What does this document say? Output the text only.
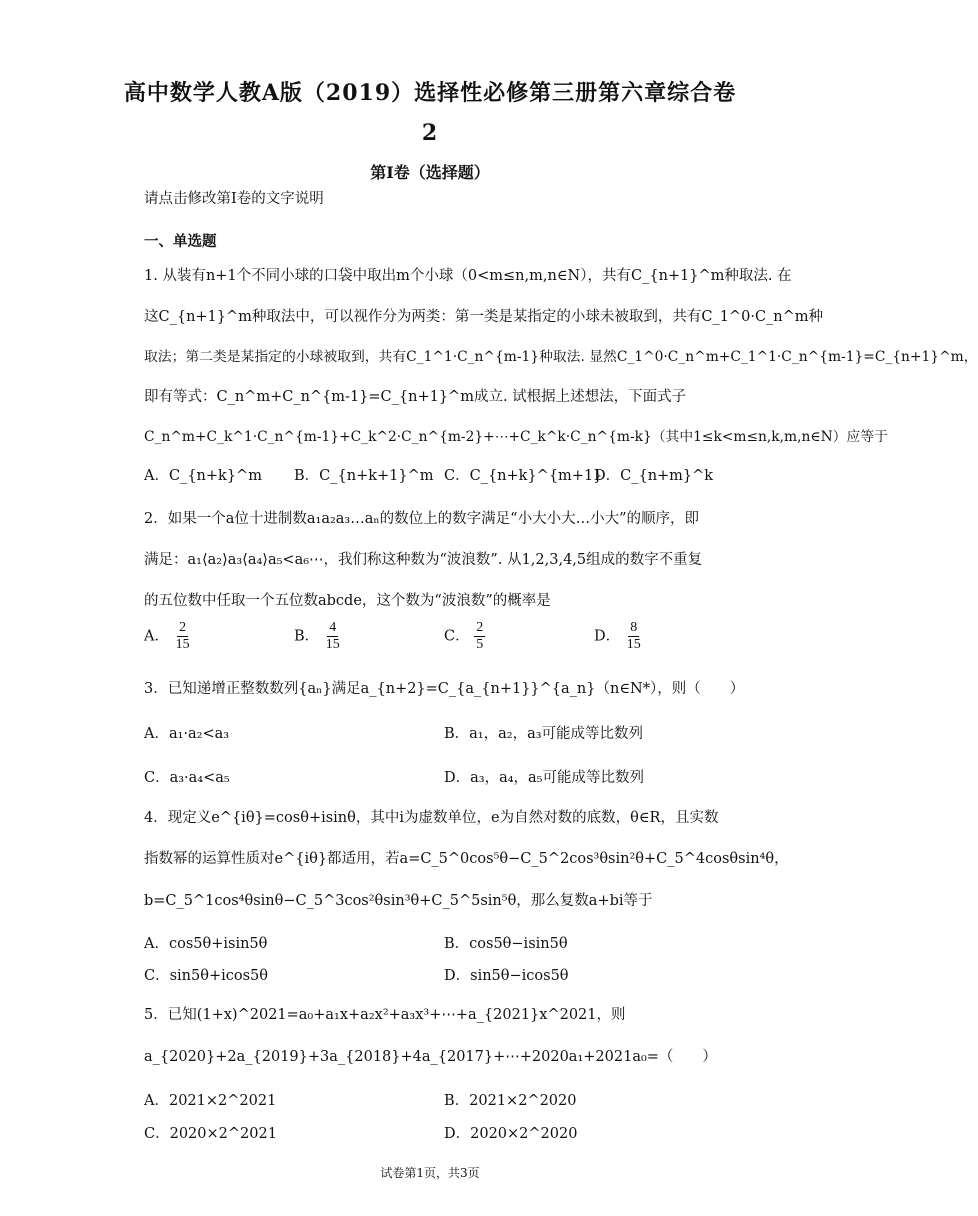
高中数学人教A版（2019）选择性必修第三册第六章综合卷
2
第I卷（选择题）
请点击修改第I卷的文字说明
一、单选题
1. 从装有n+1个不同小球的口袋中取出m个小球（0<m≤n,m,n∈N），共有C_{n+1}^m种取法. 在
这C_{n+1}^m种取法中，可以视作分为两类：第一类是某指定的小球未被取到，共有C_1^0·C_n^m种
取法；第二类是某指定的小球被取到，共有C_1^1·C_n^{m-1}种取法. 显然C_1^0·C_n^m+C_1^1·C_n^{m-1}=C_{n+1}^m，
即有等式：C_n^m+C_n^{m-1}=C_{n+1}^m成立. 试根据上述想法，下面式子
C_n^m+C_k^1·C_n^{m-1}+C_k^2·C_n^{m-2}+⋯+C_k^k·C_n^{m-k}（其中1≤k<m≤n,k,m,n∈N）应等于
A．C_{n+k}^m B．C_{n+k+1}^m C．C_{n+k}^{m+1}
D．C_{n+m}^k
2．如果一个a位十进制数a₁a₂a₃…aₙ的数位上的数字满足“小大小大…小大”的顺序，即
满足：a₁⟨a₂⟩a₃⟨a₄⟩a₅<a₆⋯，我们称这种数为“波浪数”. 从1,2,3,4,5组成的数字不重复
的五位数中任取一个五位数abcde，这个数为“波浪数”的概率是
A． $\frac{2}{15}$	B． $\frac{4}{15}$	C． $\frac{2}{5}$	D． $\frac{8}{15}$
3．已知递增正整数数列{aₙ}满足a_{n+2}=C_{a_{n+1}}^{a_n}（n∈N*），则（　　）
A．a₁·a₂<a₃	B．a₁，a₂，a₃可能成等比数列
C．a₃·a₄<a₅	D．a₃，a₄，a₅可能成等比数列
4．现定义e^{iθ}=cosθ+isinθ，其中i为虚数单位，e为自然对数的底数，θ∈R，且实数
指数幂的运算性质对e^{iθ}都适用，若a=C_5^0cos⁵θ−C_5^2cos³θsin²θ+C_5^4cosθsin⁴θ，
b=C_5^1cos⁴θsinθ−C_5^3cos²θsin³θ+C_5^5sin⁵θ，那么复数a+bi等于
A．cos5θ+isin5θ	B．cos5θ−isin5θ
C．sin5θ+icos5θ	D．sin5θ−icos5θ
5．已知(1+x)^2021=a₀+a₁x+a₂x²+a₃x³+⋯+a_{2021}x^2021，则
a_{2020}+2a_{2019}+3a_{2018}+4a_{2017}+⋯+2020a₁+2021a₀=（　　）
A．2021×2^2021	B．2021×2^2020
C．2020×2^2021	D．2020×2^2020
试卷第1页，共3页
